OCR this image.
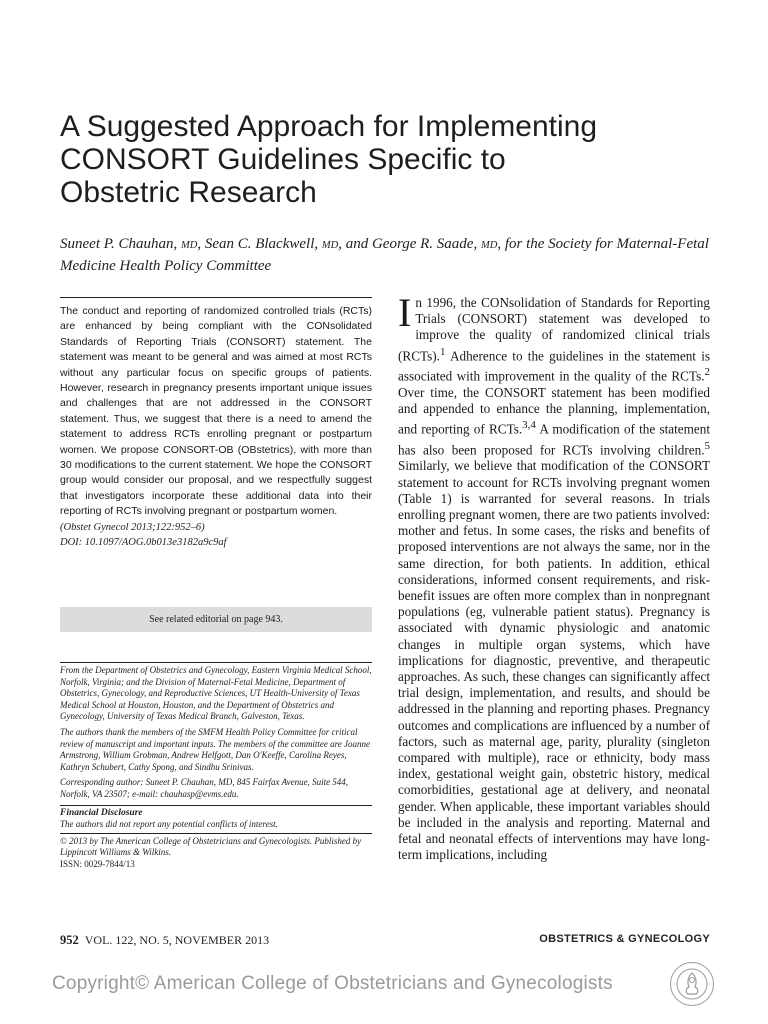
A Suggested Approach for Implementing
CONSORT Guidelines Specific to
Obstetric Research
Suneet P. Chauhan, MD, Sean C. Blackwell, MD, and George R. Saade, MD, for the Society for Maternal-Fetal Medicine Health Policy Committee
The conduct and reporting of randomized controlled trials (RCTs) are enhanced by being compliant with the CONsolidated Standards of Reporting Trials (CONSORT) statement. The statement was meant to be general and was aimed at most RCTs without any particular focus on specific groups of patients. However, research in pregnancy presents important unique issues and challenges that are not addressed in the CONSORT statement. Thus, we suggest that there is a need to amend the statement to address RCTs enrolling pregnant or postpartum women. We propose CONSORT-OB (OBstetrics), with more than 30 modifications to the current statement. We hope the CONSORT group would consider our proposal, and we respectfully suggest that investigators incorporate these additional data into their reporting of RCTs involving pregnant or postpartum women.
(Obstet Gynecol 2013;122:952–6)
DOI: 10.1097/AOG.0b013e3182a9c9af
See related editorial on page 943.

From the Department of Obstetrics and Gynecology, Eastern Virginia Medical School, Norfolk, Virginia; and the Division of Maternal-Fetal Medicine, Department of Obstetrics, Gynecology, and Reproductive Sciences, UT Health-University of Texas Medical School at Houston, Houston, and the Department of Obstetrics and Gynecology, University of Texas Medical Branch, Galveston, Texas.

The authors thank the members of the SMFM Health Policy Committee for critical review of manuscript and important inputs. The members of the committee are Joanne Armstrong, William Grobman, Andrew Helfgott, Dan O'Keeffe, Carolina Reyes, Kathryn Schubert, Cathy Spong, and Sindhu Srinivas.

Corresponding author: Suneet P. Chauhan, MD, 845 Fairfax Avenue, Suite 544, Norfolk, VA 23507; e-mail: chauhasp@evms.edu.

Financial Disclosure
The authors did not report any potential conflicts of interest.
© 2013 by The American College of Obstetricians and Gynecologists. Published by Lippincott Williams & Wilkins.
ISSN: 0029-7844/13
In 1996, the CONsolidation of Standards for Reporting Trials (CONSORT) statement was developed to improve the quality of randomized clinical trials (RCTs).$^1$ Adherence to the guidelines in the statement is associated with improvement in the quality of the RCTs.$^2$ Over time, the CONSORT statement has been modified and appended to enhance the planning, implementation, and reporting of RCTs.$^{3,4}$ A modification of the statement has also been proposed for RCTs involving children.$^5$ Similarly, we believe that modification of the CONSORT statement to account for RCTs involving pregnant women (Table 1) is warranted for several reasons. In trials enrolling pregnant women, there are two patients involved: mother and fetus. In some cases, the risks and benefits of proposed interventions are not always the same, nor in the same direction, for both patients. In addition, ethical considerations, informed consent requirements, and risk-benefit issues are often more complex than in nonpregnant populations (eg, vulnerable patient status). Pregnancy is associated with dynamic physiologic and anatomic changes in multiple organ systems, which have implications for diagnostic, preventive, and therapeutic approaches. As such, these changes can significantly affect trial design, implementation, and results, and should be addressed in the planning and reporting phases. Pregnancy outcomes and complications are influenced by a number of factors, such as maternal age, parity, plurality (singleton compared with multiple), race or ethnicity, body mass index, gestational weight gain, obstetric history, medical comorbidities, gestational age at delivery, and neonatal gender. When applicable, these important variables should be included in the analysis and reporting. Maternal and fetal and neonatal effects of interventions may have long-term implications, including
952 VOL. 122, NO. 5, NOVEMBER 2013	OBSTETRICS & GYNECOLOGY
Copyright© American College of Obstetricians and Gynecologists
